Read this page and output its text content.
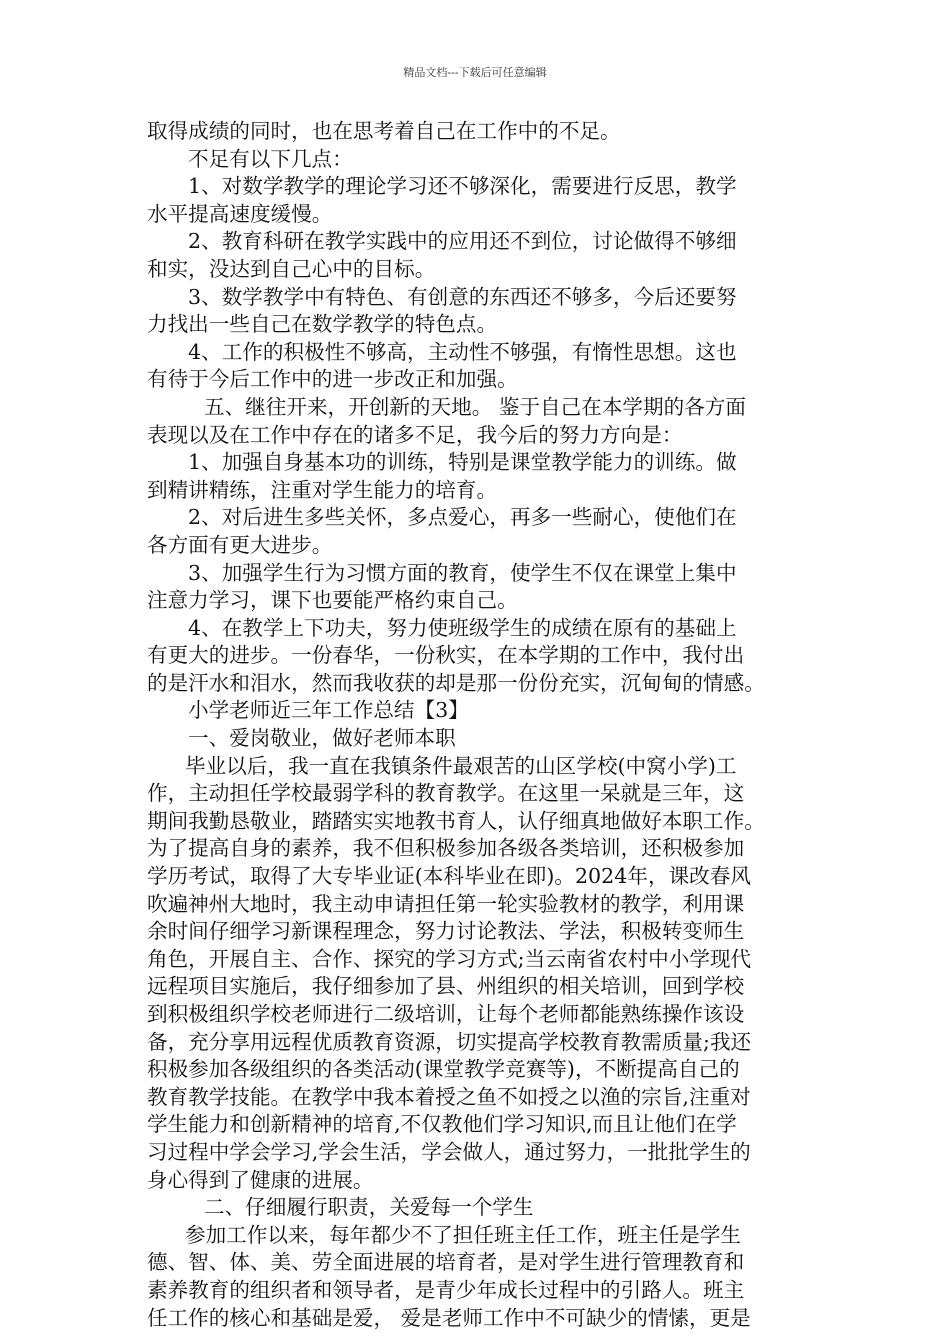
精品文档---下载后可任意编辑

取得成绩的同时，也在思考着自己在工作中的不足。

不足有以下几点：

1、对数学教学的理论学习还不够深化，需要进行反思，教学

水平提高速度缓慢。

2、教育科研在教学实践中的应用还不到位，讨论做得不够细

和实，没达到自己心中的目标。

3、数学教学中有特色、有创意的东西还不够多，今后还要努

力找出一些自己在数学教学的特色点。

4、工作的积极性不够高，主动性不够强，有惰性思想。这也

有待于今后工作中的进一步改正和加强。

五、继往开来，开创新的天地。 鉴于自己在本学期的各方面

表现以及在工作中存在的诸多不足，我今后的努力方向是：

1、加强自身基本功的训练，特别是课堂教学能力的训练。做

到精讲精练，注重对学生能力的培育。

2、对后进生多些关怀，多点爱心，再多一些耐心，使他们在

各方面有更大进步。

3、加强学生行为习惯方面的教育，使学生不仅在课堂上集中

注意力学习，课下也要能严格约束自己。

4、在教学上下功夫，努力使班级学生的成绩在原有的基础上

有更大的进步。一份春华，一份秋实，在本学期的工作中，我付出

的是汗水和泪水，然而我收获的却是那一份份充实，沉甸甸的情感。

小学老师近三年工作总结【3】

一、爱岗敬业，做好老师本职

毕业以后，我一直在我镇条件最艰苦的山区学校(中窝小学)工

作，主动担任学校最弱学科的教育教学。在这里一呆就是三年，这

期间我勤恳敬业，踏踏实实地教书育人，认仔细真地做好本职工作。

为了提高自身的素养，我不但积极参加各级各类培训，还积极参加

学历考试，取得了大专毕业证(本科毕业在即)。2024年，课改春风

吹遍神州大地时，我主动申请担任第一轮实验教材的教学，利用课

余时间仔细学习新课程理念，努力讨论教法、学法，积极转变师生

角色，开展自主、合作、探究的学习方式;当云南省农村中小学现代

远程项目实施后，我仔细参加了县、州组织的相关培训，回到学校

到积极组织学校老师进行二级培训，让每个老师都能熟练操作该设

备，充分享用远程优质教育资源，切实提高学校教育教需质量;我还

积极参加各级组织的各类活动(课堂教学竞赛等)，不断提高自己的

教育教学技能。在教学中我本着授之鱼不如授之以渔的宗旨,注重对

学生能力和创新精神的培育,不仅教他们学习知识,而且让他们在学

习过程中学会学习,学会生活，学会做人，通过努力，一批批学生的

身心得到了健康的进展。

二、仔细履行职责，关爱每一个学生

参加工作以来，每年都少不了担任班主任工作，班主任是学生

德、智、体、美、劳全面进展的培育者，是对学生进行管理教育和

素养教育的组织者和领导者，是青少年成长过程中的引路人。班主

任工作的核心和基础是爱， 爱是老师工作中不可缺少的情愫，更是
